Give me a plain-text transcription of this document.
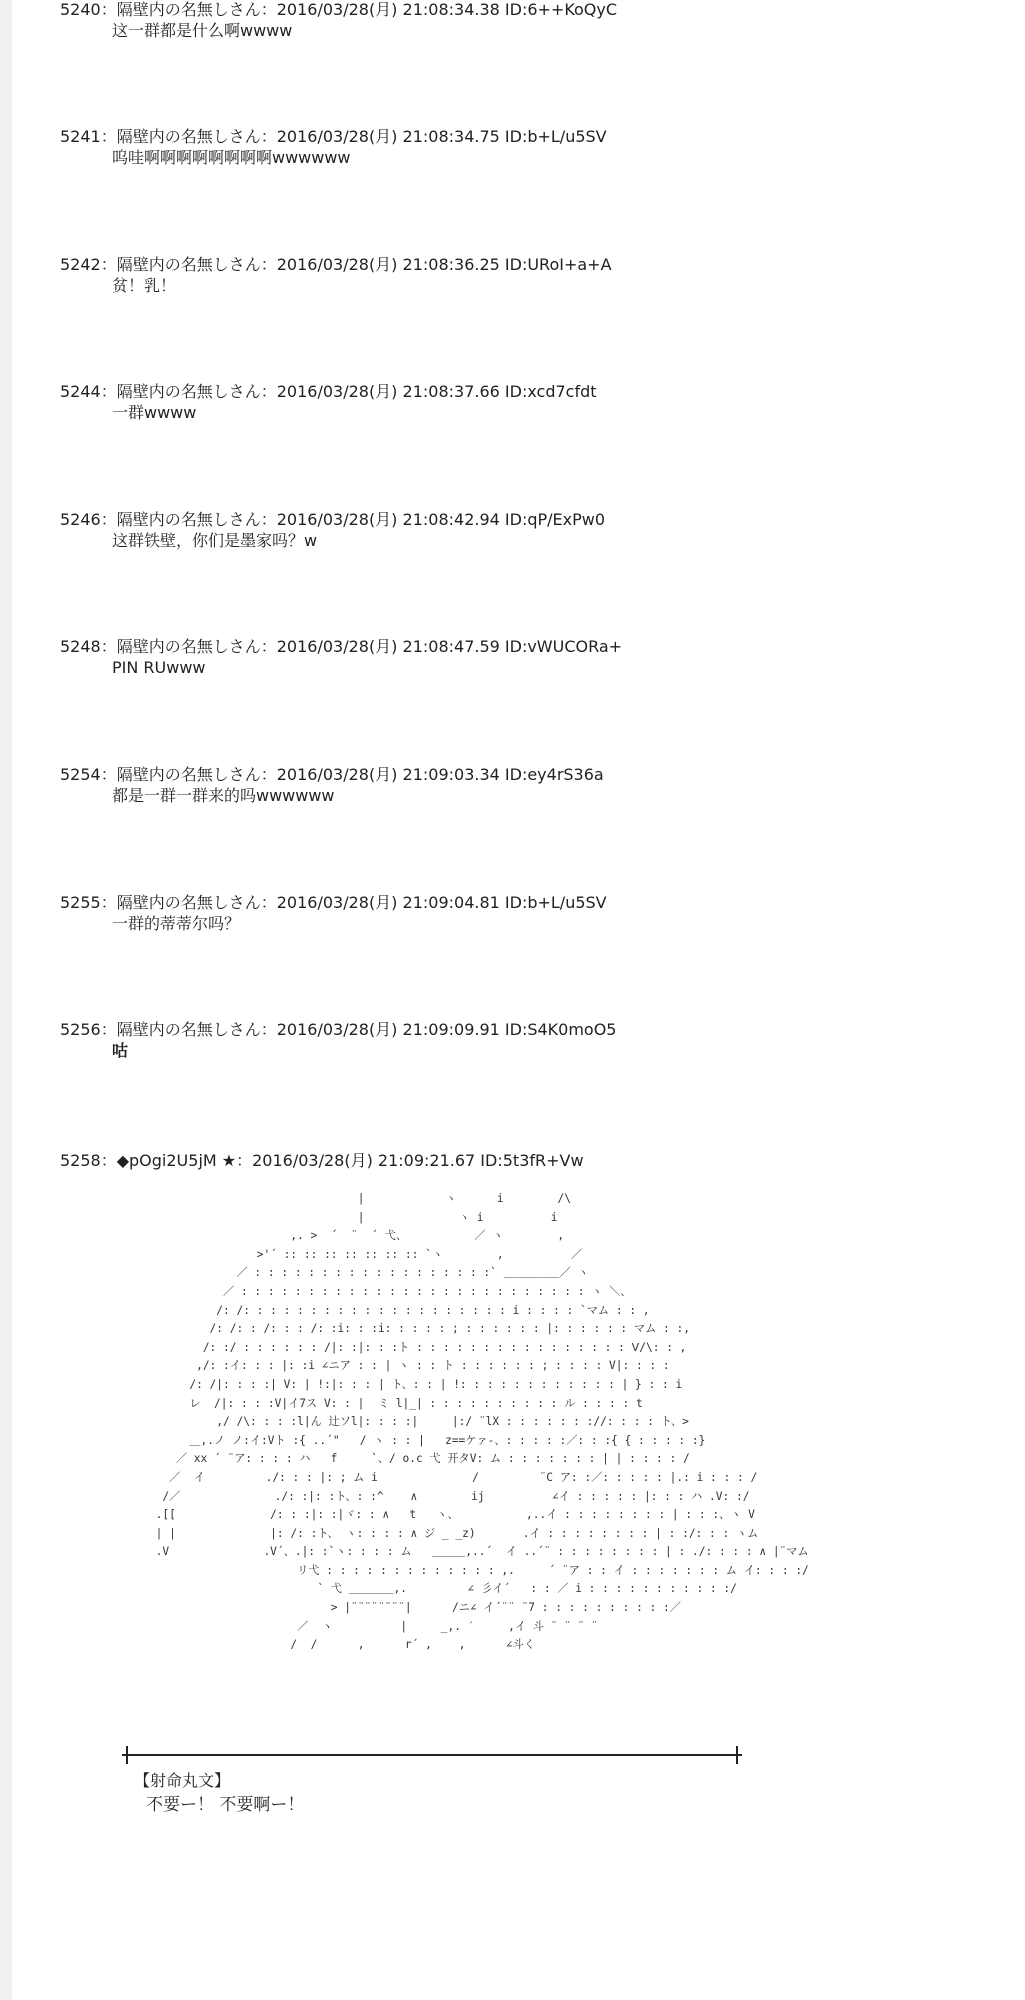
5240：隔壁内の名無しさん：2016/03/28(月) 21:08:34.38 ID:6++KoQyC
这一群都是什么啊wwww
5241：隔壁内の名無しさん：2016/03/28(月) 21:08:34.75 ID:b+L/u5SV
呜哇啊啊啊啊啊啊啊啊wwwwww
5242：隔壁内の名無しさん：2016/03/28(月) 21:08:36.25 ID:URoI+a+A
贫！乳！
5244：隔壁内の名無しさん：2016/03/28(月) 21:08:37.66 ID:xcd7cfdt
一群wwww
5246：隔壁内の名無しさん：2016/03/28(月) 21:08:42.94 ID:qP/ExPw0
这群铁壁，你们是墨家吗？w
5248：隔壁内の名無しさん：2016/03/28(月) 21:08:47.59 ID:vWUCORa+
PIN RUwww
5254：隔壁内の名無しさん：2016/03/28(月) 21:09:03.34 ID:ey4rS36a
都是一群一群来的吗wwwwww
5255：隔壁内の名無しさん：2016/03/28(月) 21:09:04.81 ID:b+L/u5SV
一群的蒂蒂尔吗？
5256：隔壁内の名無しさん：2016/03/28(月) 21:09:09.91 ID:S4K0moO5
咕
5258：◆pOgi2U5jM ★：2016/03/28(月) 21:09:21.67 ID:5t3fR+Vw
|            ヽ      i        /\
|              ヽ i          i
,. >  ´  ¨  ´ 弋、          ／ ヽ        ,
>'´ :: :: :: :: :: :: :: `ヽ        ,          ／
／ : : : : : : : : : : : : : : : : : :` ＿＿＿＿＿／ ヽ
／ : : : : : : : : : : : : : : : : : : : : : : : : : : ヽ ＼、
/: /: : : : : : : : : : : : : : : : : : : : i : : : : `マム : : ,
/: /: : /: : : /: :i: : :i: : : : : ; : : : : : : |: : : : : : マム : :,
/: :/ : : : : : : /|: :|: : :ト : : : : : : : : : : : : : : : : Ⅴ/\: : ,
,/: :イ: : : |: :i ∠ニア : : | ヽ : : ト : : : : : : ; : : : : V|: : : :
/: /|: : : :| V: | !:|: : : | ト、: : | !: : : : : : : : : : : : | } : : i
レ  /|: : : :V|イ7ス V: : |  ミ l|_| : : : : : : : : : : ル : : : : t
,/ /\: : : :l|ん 辻ソl|: : : :|     |:/ ¨lX : : : : : : ://: : : : ト、>
＿,.ノ ノ:イ:Vト :{ ..´"   / ヽ : : |   z==ケァ-、: : : : :／: : :{ { : : : : :}
／ xx ´ ¨ア: : : : ハ   f     `、/ o.c 弋 开タV: ム : : : : : : : | | : : : : /
／  イ         ./: : : |: ; ム i              /         ¨C ア: :／: : : : : |.: i : : : /
/／              ./: :|: :ト、: :^    ∧        ij          ∠イ : : : : : |: : : ハ .V: :/
.[[              /: : :|: :|ヾ: : ∧   t   ヽ、          ,..イ : : : : : : : : | : : :、ヽ V
| |              |: /: :ト、 ヽ: : : : ∧ ジ _ _z)       .イ : : : : : : : : | : :/: : : ヽム
.V              .V´、.|: :`ヽ: : : : ム   ＿＿＿,..´  イ ..´¨ : : : : : : : : | : ./: : : : ∧ |¨マム
リ弋 : : : : : : : : : : : : : ,.     ´ ¨ア : : イ : : : : : : : ム イ: : : :/
` 弋 ＿＿＿＿,.         ∠ 彡イ´   : : ／ i : : : : : : : : : : :/
> |¨¨¨¨¨¨¨¨|      /ニ∠ イ´¨¨ ¨7 : : : : : : : : : :／
／  ヽ          |     _,. ′     ,イ 斗 ¨ ¨ ¨ ¨
/  /      ,      r´ ,    ,      ∠斗く
【射命丸文】
不要ー！ 不要啊ー！
